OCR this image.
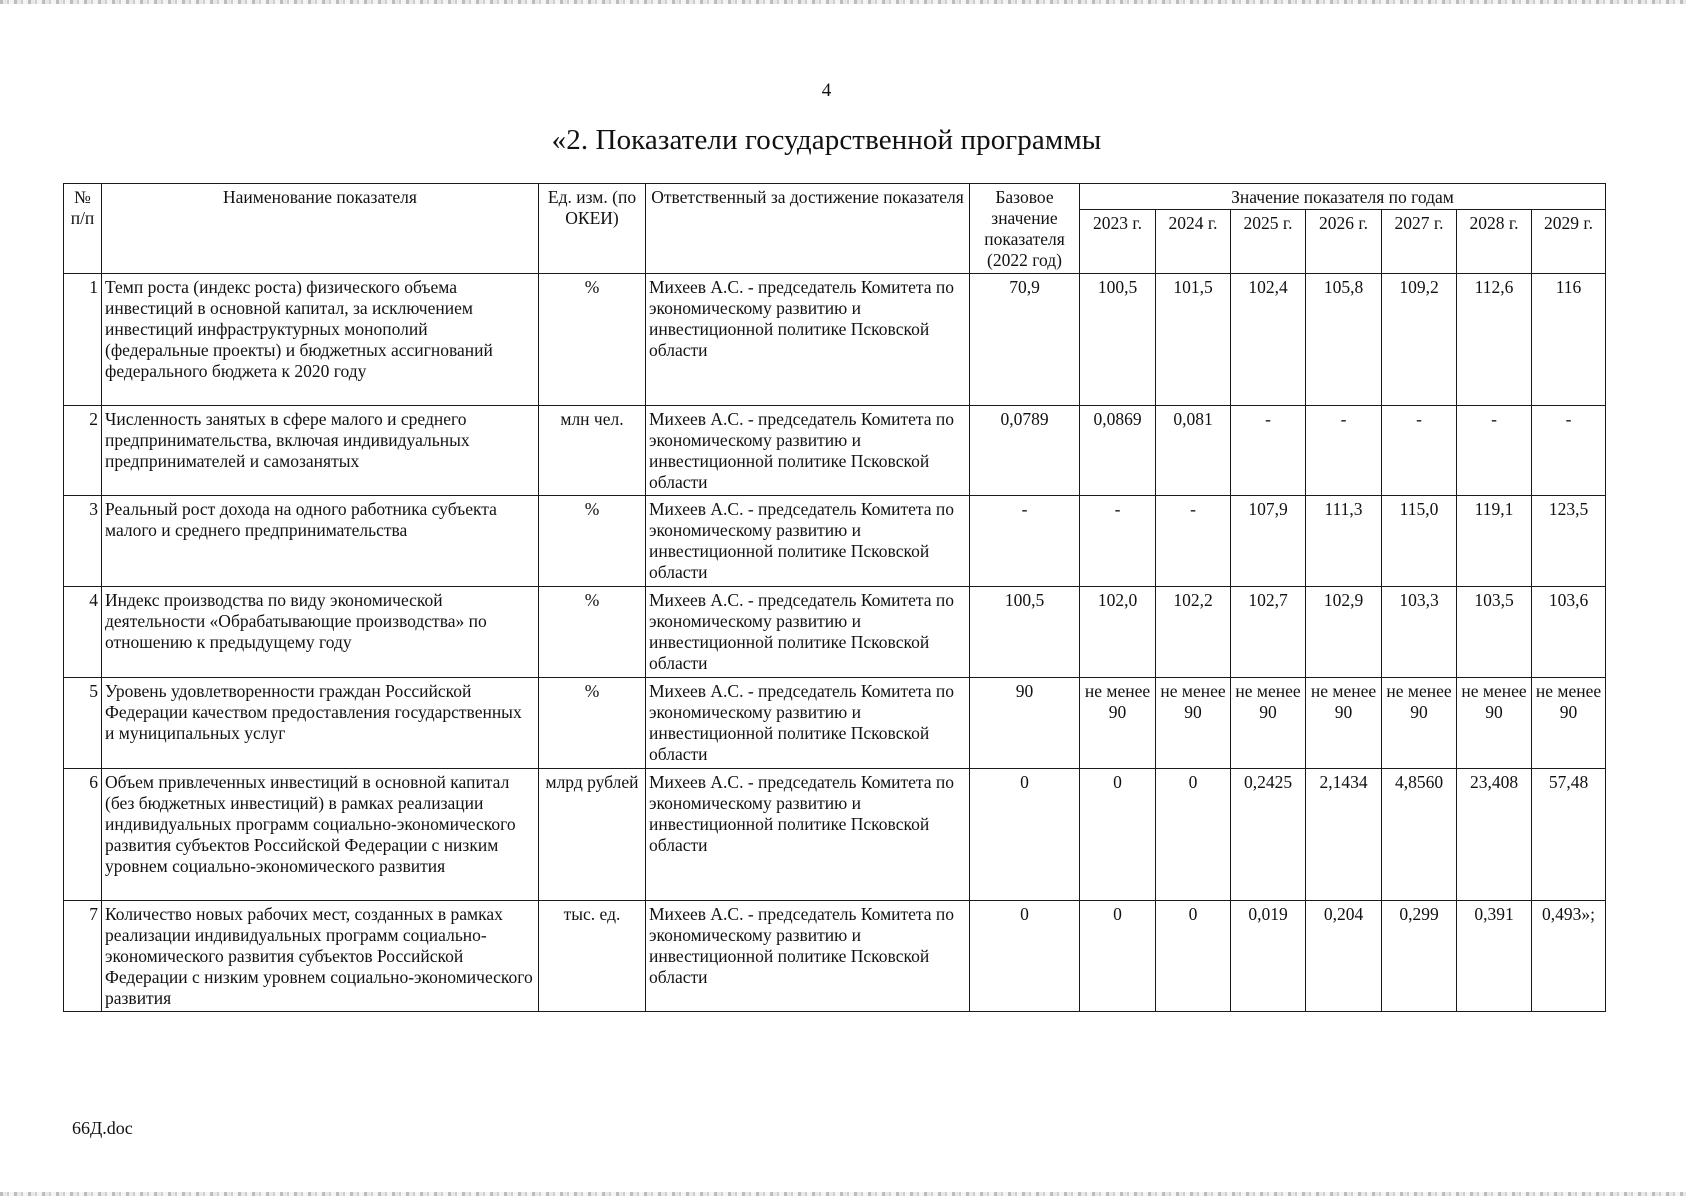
4
«2. Показатели государственной программы
№ п/п	Наименование показателя	Ед. изм. (по ОКЕИ)	Ответственный за достижение показателя	Базовое значение показателя (2022 год)	Значение показателя по годам						
					2023 г.	2024 г.	2025 г.	2026 г.	2027 г.	2028 г.	2029 г.
1	Темп роста (индекс роста) физического объема инвестиций в основной капитал, за исключением инвестиций инфраструктурных монополий (федеральные проекты) и бюджетных ассигнований федерального бюджета к 2020 году	%	Михеев А.С. - председатель Комитета по экономическому развитию и инвестиционной политике Псковской области	70,9	100,5	101,5	102,4	105,8	109,2	112,6	116
2	Численность занятых в сфере малого и среднего предпринимательства, включая индивидуальных предпринимателей и самозанятых	млн чел.	Михеев А.С. - председатель Комитета по экономическому развитию и инвестиционной политике Псковской области	0,0789	0,0869	0,081	-	-	-	-	-
3	Реальный рост дохода на одного работника субъекта малого и среднего предпринимательства	%	Михеев А.С. - председатель Комитета по экономическому развитию и инвестиционной политике Псковской области	-	-	-	107,9	111,3	115,0	119,1	123,5
4	Индекс производства по виду экономической деятельности «Обрабатывающие производства» по отношению к предыдущему году	%	Михеев А.С. - председатель Комитета по экономическому развитию и инвестиционной политике Псковской области	100,5	102,0	102,2	102,7	102,9	103,3	103,5	103,6
5	Уровень удовлетворенности граждан Российской Федерации качеством предоставления государственных и муниципальных услуг	%	Михеев А.С. - председатель Комитета по экономическому развитию и инвестиционной политике Псковской области	90	не менее 90	не менее 90	не менее 90	не менее 90	не менее 90	не менее 90	не менее 90
6	Объем привлеченных инвестиций в основной капитал (без бюджетных инвестиций) в рамках реализации индивидуальных программ социально-экономического развития субъектов Российской Федерации с низким уровнем социально-экономического развития	млрд рублей	Михеев А.С. - председатель Комитета по экономическому развитию и инвестиционной политике Псковской области	0	0	0	0,2425	2,1434	4,8560	23,408	57,48
7	Количество новых рабочих мест, созданных в рамках реализации индивидуальных программ социально-экономического развития субъектов Российской Федерации с низким уровнем социально-экономического развития	тыс. ед.	Михеев А.С. - председатель Комитета по экономическому развитию и инвестиционной политике Псковской области	0	0	0	0,019	0,204	0,299	0,391	0,493»;
66Д.doc
